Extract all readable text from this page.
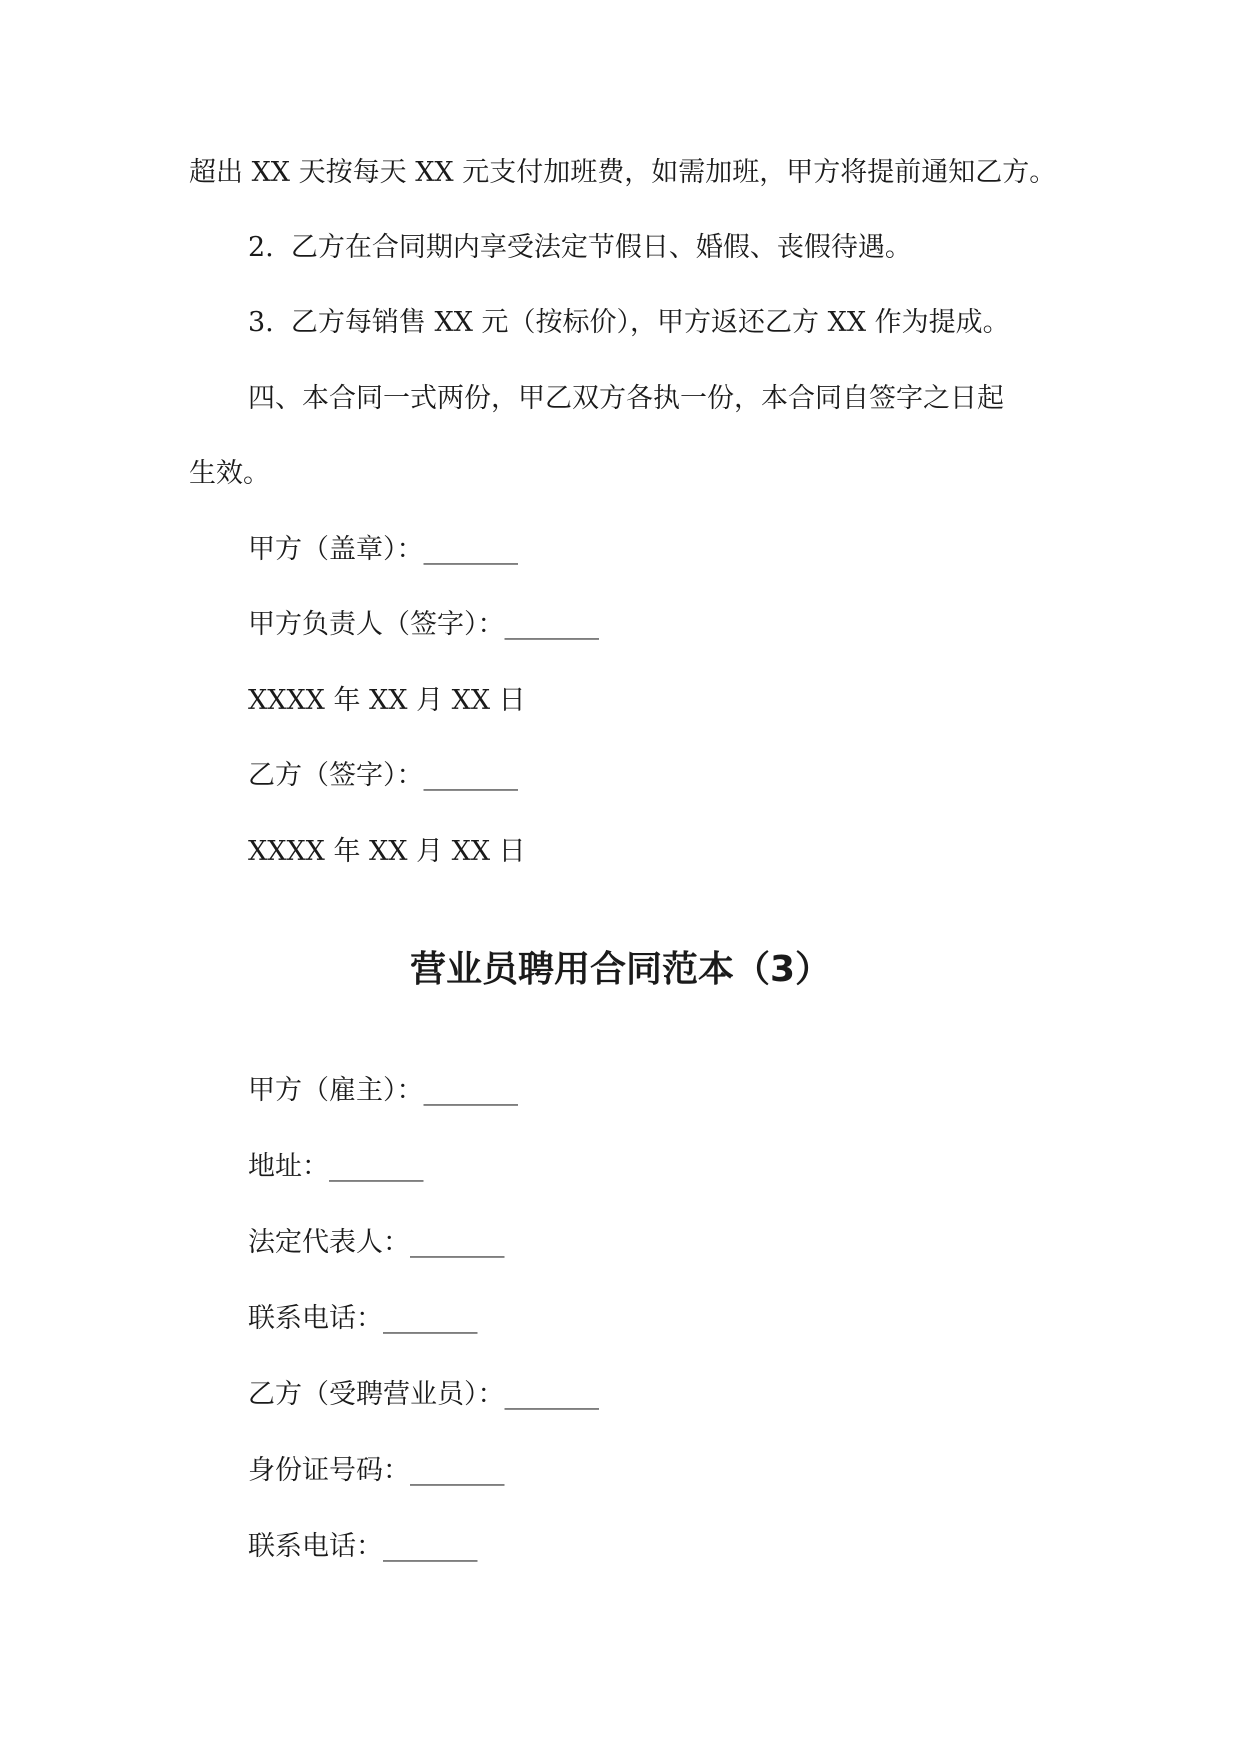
超出 XX 天按每天 XX 元支付加班费，如需加班，甲方将提前通知乙方。

2.  乙方在合同期内享受法定节假日、婚假、丧假待遇。

3.  乙方每销售 XX 元（按标价），甲方返还乙方 XX 作为提成。

四、本合同一式两份，甲乙双方各执一份，本合同自签字之日起

生效。

甲方（盖章）：_______

甲方负责人（签字）：_______

XXXX 年 XX 月 XX 日

乙方（签字）：_______

XXXX 年 XX 月 XX 日

营业员聘用合同范本（3）

甲方（雇主）：_______

地址：_______

法定代表人：_______

联系电话：_______

乙方（受聘营业员）：_______

身份证号码：_______

联系电话：_______
